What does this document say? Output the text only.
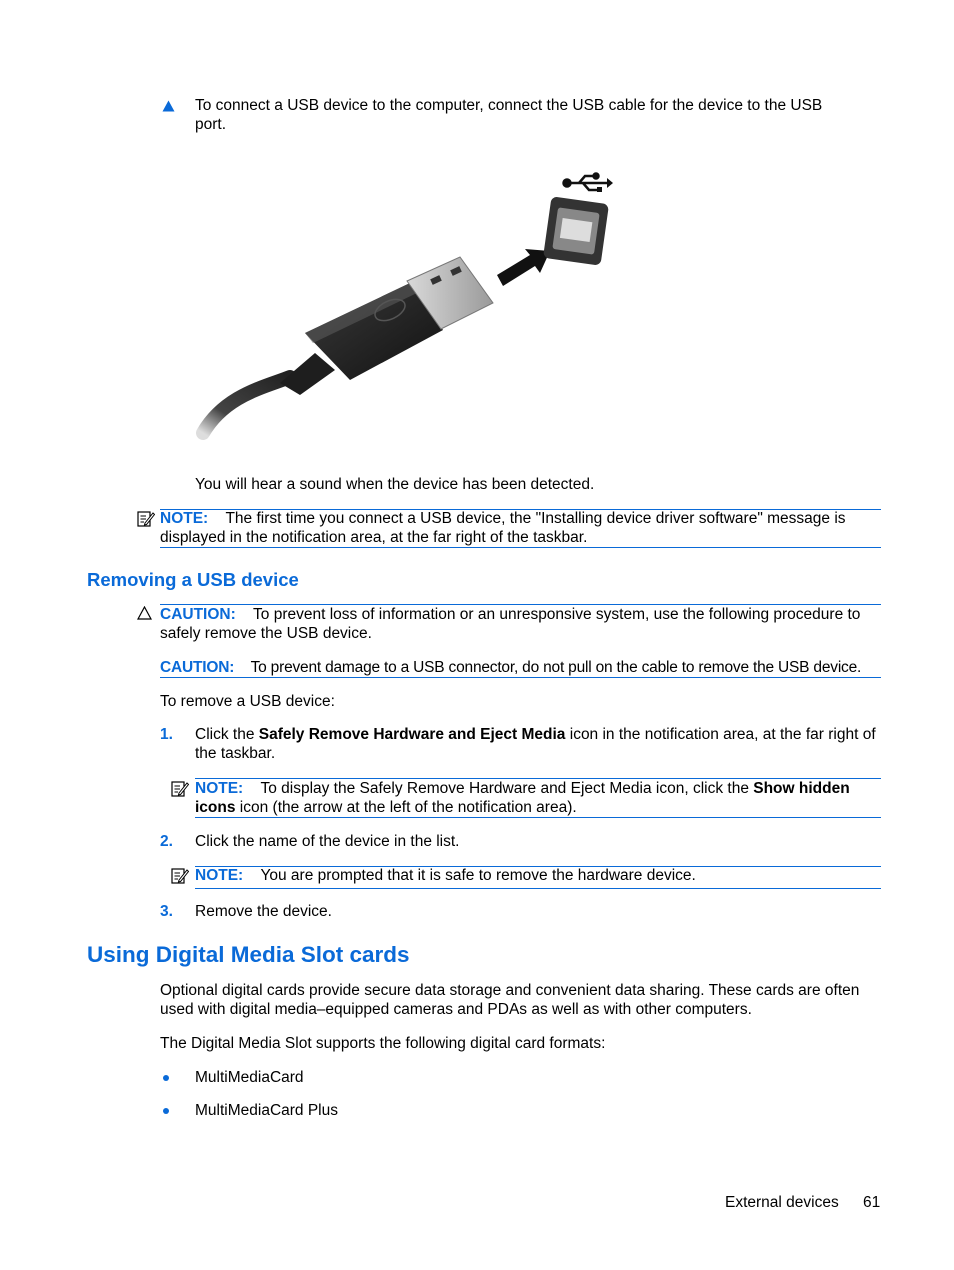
To connect a USB device to the computer, connect the USB cable for the device to the USB port.
You will hear a sound when the device has been detected.
NOTE: The first time you connect a USB device, the "Installing device driver software" message is displayed in the notification area, at the far right of the taskbar.
Removing a USB device
CAUTION: To prevent loss of information or an unresponsive system, use the following procedure to safely remove the USB device.
CAUTION: To prevent damage to a USB connector, do not pull on the cable to remove the USB device.
To remove a USB device:
1. Click the Safely Remove Hardware and Eject Media icon in the notification area, at the far right of the taskbar.
NOTE: To display the Safely Remove Hardware and Eject Media icon, click the Show hidden icons icon (the arrow at the left of the notification area).
2. Click the name of the device in the list.
NOTE: You are prompted that it is safe to remove the hardware device.
3. Remove the device.
Using Digital Media Slot cards
Optional digital cards provide secure data storage and convenient data sharing. These cards are often used with digital media–equipped cameras and PDAs as well as with other computers.
The Digital Media Slot supports the following digital card formats:
MultiMediaCard
MultiMediaCard Plus
External devices 61
